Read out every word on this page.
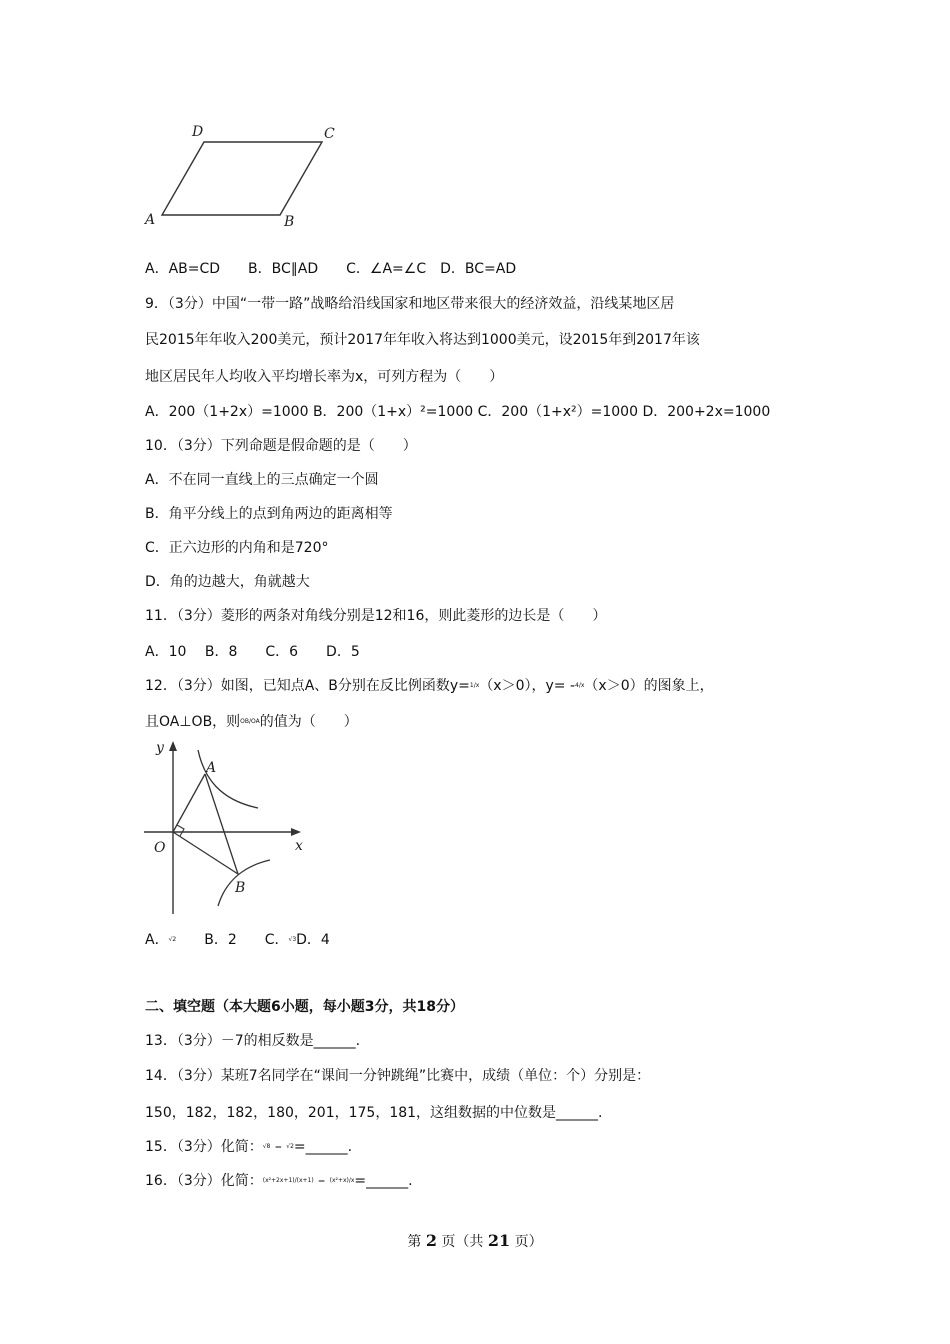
A	B
C
D
A．AB=CD　　B．BC∥AD　　C．∠A=∠C　D．BC=AD
9．（3分）中国“一带一路”战略给沿线国家和地区带来很大的经济效益，沿线某地区居
民2015年年收入200美元，预计2017年年收入将达到1000美元，设2015年到2017年该
地区居民年人均收入平均增长率为x，可列方程为（　　）
A．200（1+2x）=1000 B．200（1+x）²=1000 C．200（1+x²）=1000 D．200+2x=1000
10．（3分）下列命题是假命题的是（　　）
A．不在同一直线上的三点确定一个圆
B．角平分线上的点到角两边的距离相等
C．正六边形的内角和是720°
D．角的边越大，角就越大
11．（3分）菱形的两条对角线分别是12和16，则此菱形的边长是（　　）
A．10　 B．8　　C．6　　D．5
12．（3分）如图，已知点A、B分别在反比例函数y=1/x（x＞0），y= -4/x（x＞0）的图象上，
且OA⊥OB，则OB/OA的值为（　　）
y
A
O	x
B
A．√2　　B．2　　C．√3D．4
二、填空题（本大题6小题，每小题3分，共18分）
13．（3分）－7的相反数是______.
14．（3分）某班7名同学在“课间一分钟跳绳”比赛中，成绩（单位：个）分别是：
150，182，182，180，201，175，181，这组数据的中位数是______.
15．（3分）化简：√8 – √2=______.
16．（3分）化简：(x²+2x+1)/(x+1) – (x²+x)/x=______.
第 2 页（共 21 页）
